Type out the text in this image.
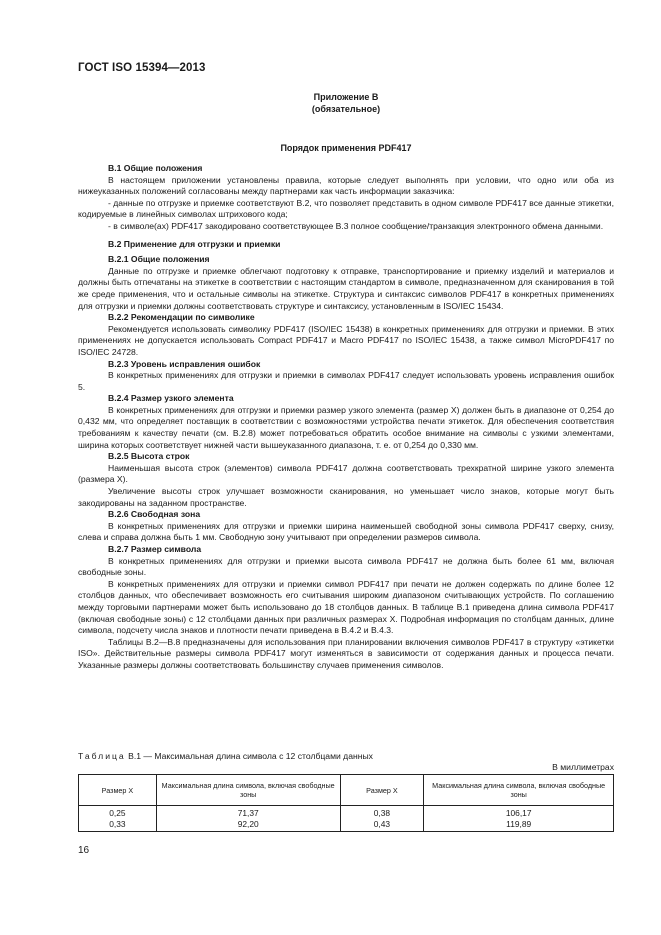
ГОСТ ISO 15394—2013
Приложение В
(обязательное)
Порядок применения PDF417

В.1 Общие положения

В настоящем приложении установлены правила, которые следует выполнять при условии, что одно или оба из нижеуказанных положений согласованы между партнерами как часть информации заказчика:

- данные по отгрузке и приемке соответствуют В.2, что позволяет представить в одном символе PDF417 все данные этикетки, кодируемые в линейных символах штрихового кода;

- в символе(ах) PDF417 закодировано соответствующее В.3 полное сообщение/транзакция электронного обмена данными.

В.2 Применение для отгрузки и приемки

В.2.1 Общие положения

Данные по отгрузке и приемке облегчают подготовку к отправке, транспортирование и приемку изделий и материалов и должны быть отпечатаны на этикетке в соответствии с настоящим стандартом в символе, предназначенном для сканирования в той же среде применения, что и остальные символы на этикетке. Структура и синтаксис символов PDF417 в конкретных применениях для отгрузки и приемки должны соответствовать структуре и синтаксису, установленным в ISO/IEC 15434.

В.2.2 Рекомендации по символике

Рекомендуется использовать символику PDF417 (ISO/IEC 15438) в конкретных применениях для отгрузки и приемки. В этих применениях не допускается использовать Compact PDF417 и Macro PDF417 по ISO/IEC 15438, а также символ MicroPDF417 по ISO/IEC 24728.

В.2.3 Уровень исправления ошибок

В конкретных применениях для отгрузки и приемки в символах PDF417 следует использовать уровень исправления ошибок 5.

В.2.4 Размер узкого элемента

В конкретных применениях для отгрузки и приемки размер узкого элемента (размер X) должен быть в диапазоне от 0,254 до 0,432 мм, что определяет поставщик в соответствии с возможностями устройства печати этикеток. Для обеспечения соответствия требованиям к качеству печати (см. В.2.8) может потребоваться обратить особое внимание на символы с узкими элементами, ширина которых соответствует нижней части вышеуказанного диапазона, т. е. от 0,254 до 0,330 мм.

В.2.5 Высота строк

Наименьшая высота строк (элементов) символа PDF417 должна соответствовать трехкратной ширине узкого элемента (размера X).

Увеличение высоты строк улучшает возможности сканирования, но уменьшает число знаков, которые могут быть закодированы на заданном пространстве.

В.2.6 Свободная зона

В конкретных применениях для отгрузки и приемки ширина наименьшей свободной зоны символа PDF417 сверху, снизу, слева и справа должна быть 1 мм. Свободную зону учитывают при определении размеров символа.

В.2.7 Размер символа

В конкретных применениях для отгрузки и приемки высота символа PDF417 не должна быть более 61 мм, включая свободные зоны.

В конкретных применениях для отгрузки и приемки символ PDF417 при печати не должен содержать по длине более 12 столбцов данных, что обеспечивает возможность его считывания широким диапазоном считывающих устройств. По соглашению между торговыми партнерами может быть использовано до 18 столбцов данных. В таблице В.1 приведена длина символа PDF417 (включая свободные зоны) с 12 столбцами данных при различных размерах X. Подробная информация по столбцам данных, длине символа, подсчету числа знаков и плотности печати приведена в В.4.2 и В.4.3.

Таблицы В.2—В.8 предназначены для использования при планировании включения символов PDF417 в структуру «этикетки ISO». Действительные размеры символа PDF417 могут изменяться в зависимости от содержания данных и процесса печати. Указанные размеры должны соответствовать большинству случаев применения символов.

Таблица В.1 — Максимальная длина символа с 12 столбцами данных
В миллиметрах
Размер X	Максимальная длина символа, включая свободные зоны	Размер X	Максимальная длина символа, включая свободные зоны
0,25	71,37	0,38	106,17
0,33	92,20	0,43	119,89
16
